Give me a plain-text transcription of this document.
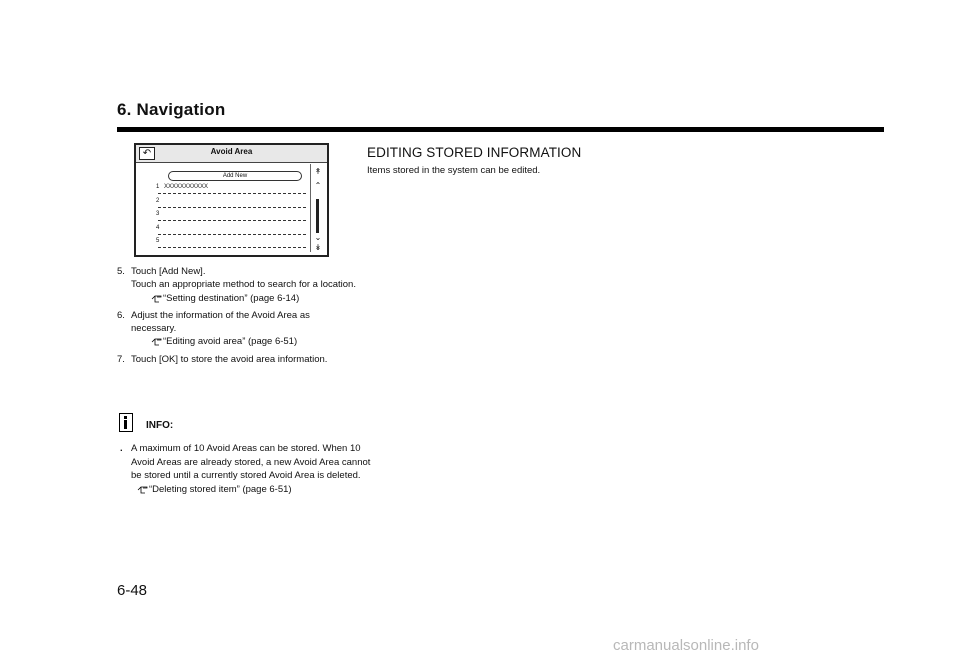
6. Navigation
↶	Avoid Area
Add New
1 XXXXXXXXXXX
2
3
4
5
↟
⌃
⌄
↡
5. Touch [Add New].
Touch an appropriate method to search for a location.
“Setting destination” (page 6-14)
6. Adjust the information of the Avoid Area as necessary.
“Editing avoid area” (page 6-51)
7. Touch [OK] to store the avoid area information.
INFO:
. A maximum of 10 Avoid Areas can be stored. When 10 Avoid Areas are already stored, a new Avoid Area cannot be stored until a currently stored Avoid Area is deleted.
“Deleting stored item” (page 6-51)
6-48
EDITING STORED INFORMATION
Items stored in the system can be edited.
carmanualsonline.info
